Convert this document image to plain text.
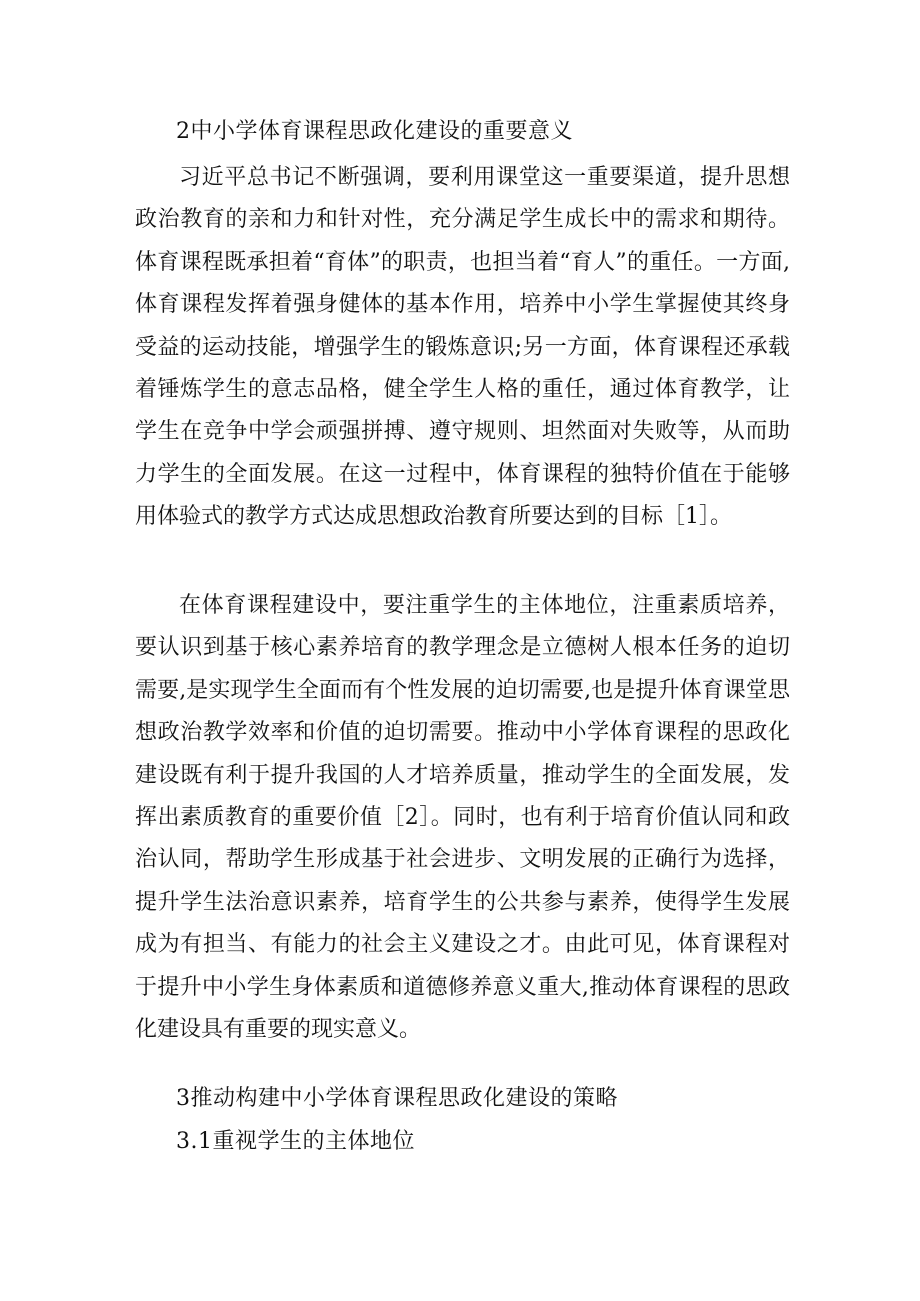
2中小学体育课程思政化建设的重要意义

习近平总书记不断强调，要利用课堂这一重要渠道，提升思想政治教育的亲和力和针对性，充分满足学生成长中的需求和期待。体育课程既承担着“育体”的职责，也担当着“育人”的重任。一方面,体育课程发挥着强身健体的基本作用，培养中小学生掌握使其终身受益的运动技能，增强学生的锻炼意识;另一方面，体育课程还承载着锤炼学生的意志品格，健全学生人格的重任，通过体育教学，让学生在竞争中学会顽强拼搏、遵守规则、坦然面对失败等，从而助力学生的全面发展。在这一过程中，体育课程的独特价值在于能够用体验式的教学方式达成思想政治教育所要达到的目标［1］。

在体育课程建设中，要注重学生的主体地位，注重素质培养，要认识到基于核心素养培育的教学理念是立德树人根本任务的迫切需要,是实现学生全面而有个性发展的迫切需要,也是提升体育课堂思想政治教学效率和价值的迫切需要。推动中小学体育课程的思政化建设既有利于提升我国的人才培养质量，推动学生的全面发展，发挥出素质教育的重要价值［2］。同时，也有利于培育价值认同和政治认同，帮助学生形成基于社会进步、文明发展的正确行为选择，提升学生法治意识素养，培育学生的公共参与素养，使得学生发展成为有担当、有能力的社会主义建设之才。由此可见，体育课程对于提升中小学生身体素质和道德修养意义重大,推动体育课程的思政化建设具有重要的现实意义。

3推动构建中小学体育课程思政化建设的策略
3.1重视学生的主体地位
